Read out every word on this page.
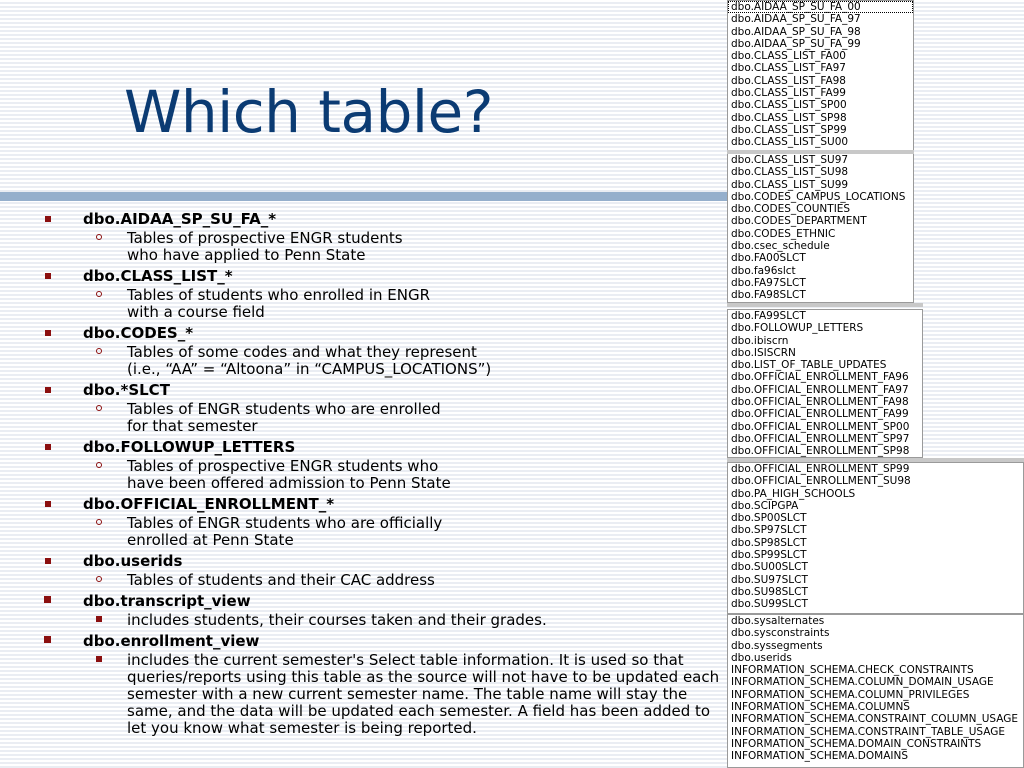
Which table?
dbo.AIDAA_SP_SU_FA_*
Tables of prospective ENGR students
who have applied to Penn State
dbo.CLASS_LIST_*
Tables of students who enrolled in ENGR
with a course field
dbo.CODES_*
Tables of some codes and what they represent
(i.e., “AA” = “Altoona” in “CAMPUS_LOCATIONS”)
dbo.*SLCT
Tables of ENGR students who are enrolled
for that semester
dbo.FOLLOWUP_LETTERS
Tables of prospective ENGR students who
have been offered admission to Penn State
dbo.OFFICIAL_ENROLLMENT_*
Tables of ENGR students who are officially
enrolled at Penn State
dbo.userids
Tables of students and their CAC address
dbo.transcript_view
includes students, their courses taken and their grades.
dbo.enrollment_view
includes the current semester's Select table information. It is used so that queries/reports using this table as the source will not have to be updated each semester with a new current semester name. The table name will stay the same, and the data will be updated each semester. A field has been added to let you know what semester is being reported.
dbo.AIDAA_SP_SU_FA_00
dbo.AIDAA_SP_SU_FA_97
dbo.AIDAA_SP_SU_FA_98
dbo.AIDAA_SP_SU_FA_99
dbo.CLASS_LIST_FA00
dbo.CLASS_LIST_FA97
dbo.CLASS_LIST_FA98
dbo.CLASS_LIST_FA99
dbo.CLASS_LIST_SP00
dbo.CLASS_LIST_SP98
dbo.CLASS_LIST_SP99
dbo.CLASS_LIST_SU00
dbo.CLASS_LIST_SU97
dbo.CLASS_LIST_SU98
dbo.CLASS_LIST_SU99
dbo.CODES_CAMPUS_LOCATIONS
dbo.CODES_COUNTIES
dbo.CODES_DEPARTMENT
dbo.CODES_ETHNIC
dbo.csec_schedule
dbo.FA00SLCT
dbo.fa96slct
dbo.FA97SLCT
dbo.FA98SLCT
dbo.FA99SLCT
dbo.FOLLOWUP_LETTERS
dbo.ibiscrn
dbo.ISISCRN
dbo.LIST_OF_TABLE_UPDATES
dbo.OFFICIAL_ENROLLMENT_FA96
dbo.OFFICIAL_ENROLLMENT_FA97
dbo.OFFICIAL_ENROLLMENT_FA98
dbo.OFFICIAL_ENROLLMENT_FA99
dbo.OFFICIAL_ENROLLMENT_SP00
dbo.OFFICIAL_ENROLLMENT_SP97
dbo.OFFICIAL_ENROLLMENT_SP98
dbo.OFFICIAL_ENROLLMENT_SP99
dbo.OFFICIAL_ENROLLMENT_SU98
dbo.PA_HIGH_SCHOOLS
dbo.SCIPGPA
dbo.SP00SLCT
dbo.SP97SLCT
dbo.SP98SLCT
dbo.SP99SLCT
dbo.SU00SLCT
dbo.SU97SLCT
dbo.SU98SLCT
dbo.SU99SLCT
dbo.sysalternates
dbo.sysconstraints
dbo.syssegments
dbo.userids
INFORMATION_SCHEMA.CHECK_CONSTRAINTS
INFORMATION_SCHEMA.COLUMN_DOMAIN_USAGE
INFORMATION_SCHEMA.COLUMN_PRIVILEGES
INFORMATION_SCHEMA.COLUMNS
INFORMATION_SCHEMA.CONSTRAINT_COLUMN_USAGE
INFORMATION_SCHEMA.CONSTRAINT_TABLE_USAGE
INFORMATION_SCHEMA.DOMAIN_CONSTRAINTS
INFORMATION_SCHEMA.DOMAINS
